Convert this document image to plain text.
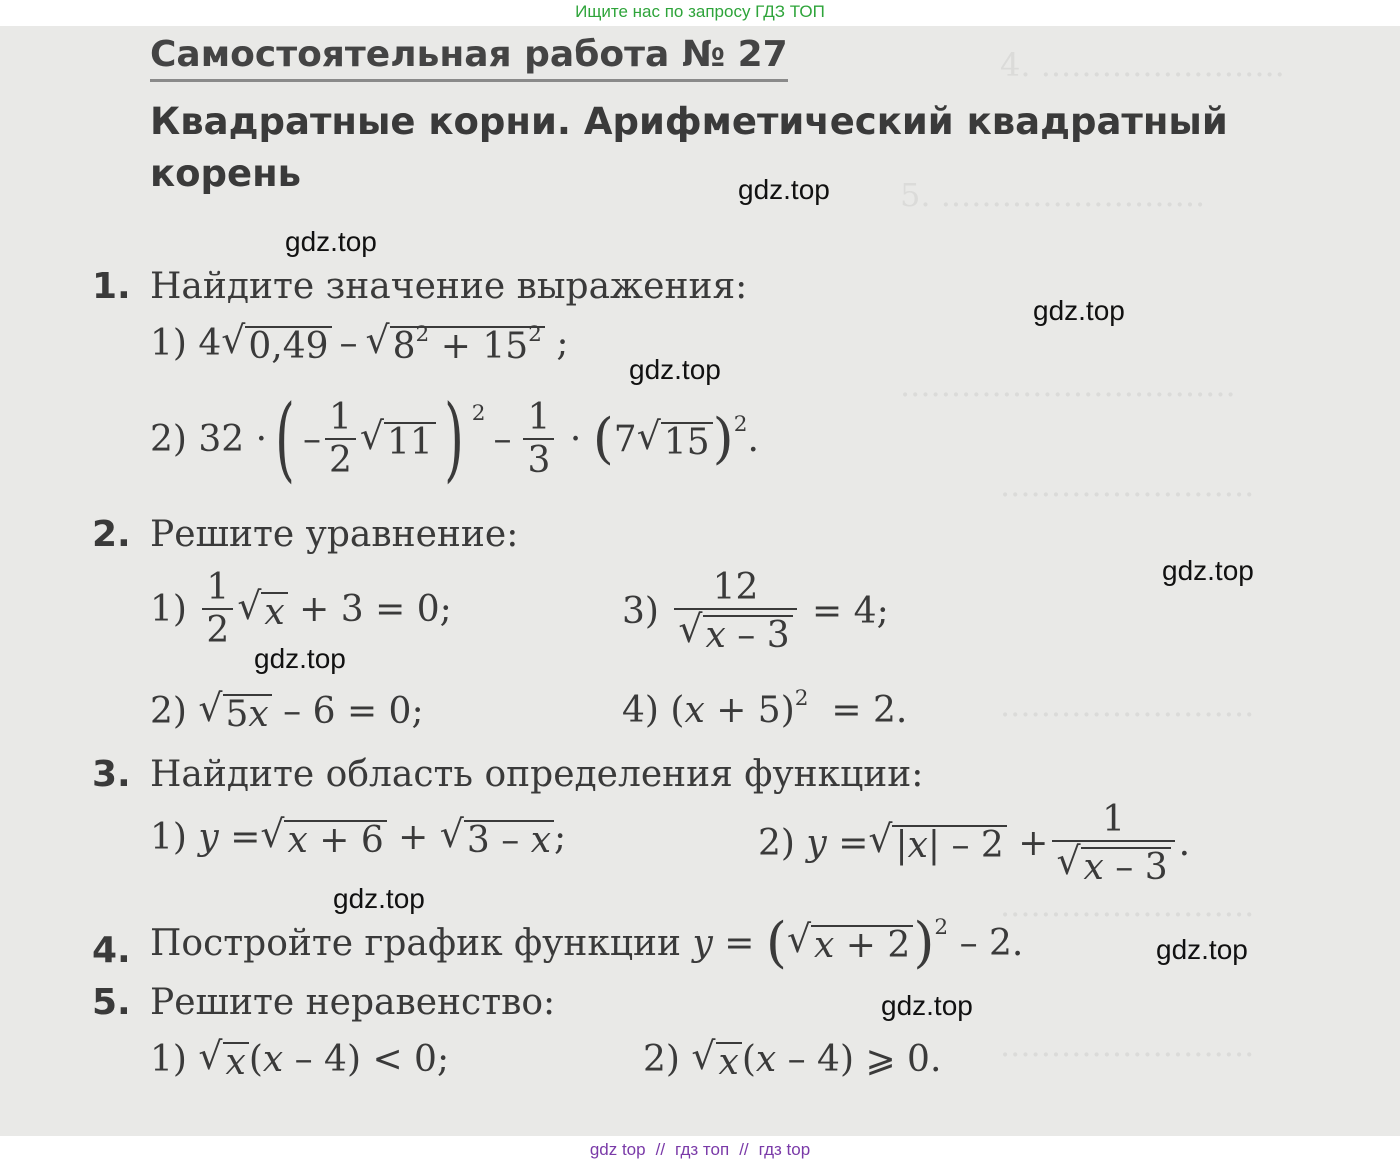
Ищите нас по запросу ГДЗ ТОП
4. ........................
5. ..........................
.................................
.........................
.........................
.........................
.........................
Самостоятельная работа № 27
Квадратные корни. Арифметический квадратный корень	gdz.top
gdz.top
gdz.top
gdz.top
gdz.top
gdz.top
gdz.top
gdz.top
gdz.top
1. Найдите значение выражения:
1) 4 √ 0,49 – √ $8^2 + 15^2$ ;
2) 32 · ( – $\frac{1}{2}$ √ 11 ) $^2$
– $\frac{1}{3}$ · ( 7 √ 15 )$^2$ .
2. Решите уравнение:
$1) \frac{1}{2}$ √ x + 3 = 0;	$3) \frac{12}{√ x - 3} = 4$;
2) √ 5x – 6 = 0;	4) $(x + 5)^2 = 2$.
3. Найдите область определения функции:
1) y = √ x + 6 + √ 3 – x ;	2) y = √ $|x| - 2 + \frac{1}{√ x - 3}$ .
4. Постройте график функции y = ( √ x + 2 )$^2$ – 2.
5. Решите неравенство:
1) √ x (x – 4) < 0;	2) √ x (x – 4) ⩾ 0.
gdz top // гдз топ // гдз top
